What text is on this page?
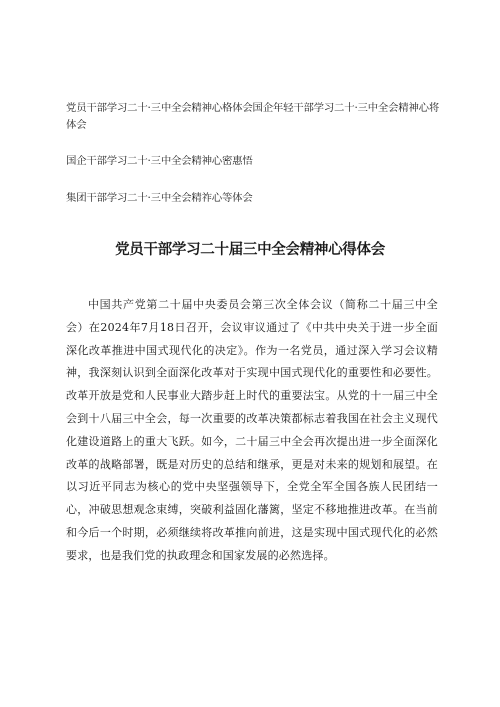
党员干部学习二十·三中全会精神心格体会国企年轻干部学习二十·三中全会精神心将体会

国企干部学习二十·三中全会精神心密惠悟

集团干部学习二十·三中全会精祚心等体会

党员干部学习二十届三中全会精神心得体会

中国共产党第二十届中央委员会第三次全体会议（简称二十届三中全会）在2024年7月18日召开，会议审议通过了《中共中央关于进一步全面深化改革推进中国式现代化的决定》。作为一名党员，通过深入学习会议精神，我深刻认识到全面深化改革对于实现中国式现代化的重要性和必要性。改革开放是党和人民事业大踏步赶上时代的重要法宝。从党的十一届三中全会到十八届三中全会，每一次重要的改革决策都标志着我国在社会主义现代化建设道路上的重大飞跃。如今，二十届三中全会再次提出进一步全面深化改革的战略部署，既是对历史的总结和继承，更是对未来的规划和展望。在以习近平同志为核心的党中央坚强领导下，全党全军全国各族人民团结一心，冲破思想观念束缚，突破利益固化藩篱，坚定不移地推进改革。在当前和今后一个时期，必须继续将改革推向前进，这是实现中国式现代化的必然要求，也是我们党的执政理念和国家发展的必然选择。
